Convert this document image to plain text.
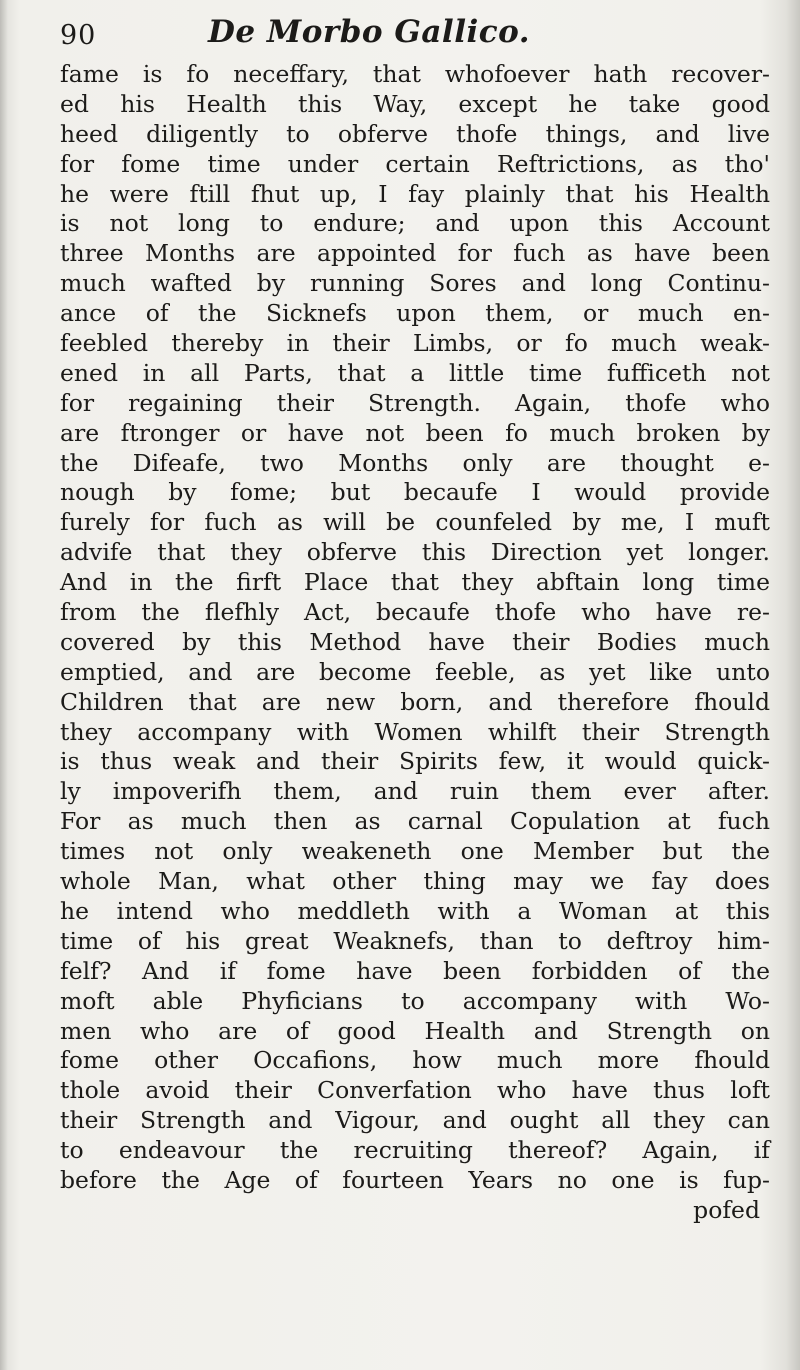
90	De Morbo Gallico.
fame is fo neceffary, that whofoever hath recover-
ed his Health this Way, except he take good
heed diligently to obferve thofe things, and live
for fome time under certain Reftrictions, as tho'
he were ftill fhut up, I fay plainly that his Health
is not long to endure; and upon this Account
three Months are appointed for fuch as have been
much wafted by running Sores and long Continu-
ance of the Sicknefs upon them, or much en-
feebled thereby in their Limbs, or fo much weak-
ened in all Parts, that a little time fufficeth not
for regaining their Strength. Again, thofe who
are ftronger or have not been fo much broken by
the Difeafe, two Months only are thought e-
nough by fome; but becaufe I would provide
furely for fuch as will be counfeled by me, I muft
advife that they obferve this Direction yet longer.
And in the firft Place that they abftain long time
from the flefhly Act, becaufe thofe who have re-
covered by this Method have their Bodies much
emptied, and are become feeble, as yet like unto
Children that are new born, and therefore fhould
they accompany with Women whilft their Strength
is thus weak and their Spirits few, it would quick-
ly impoverifh them, and ruin them ever after.
For as much then as carnal Copulation at fuch
times not only weakeneth one Member but the
whole Man, what other thing may we fay does
he intend who meddleth with a Woman at this
time of his great Weaknefs, than to deftroy him-
felf? And if fome have been forbidden of the
moft able Phyficians to accompany with Wo-
men who are of good Health and Strength on
fome other Occafions, how much more fhould
thole avoid their Converfation who have thus loft
their Strength and Vigour, and ought all they can
to endeavour the recruiting thereof? Again, if
before the Age of fourteen Years no one is fup-
pofed
